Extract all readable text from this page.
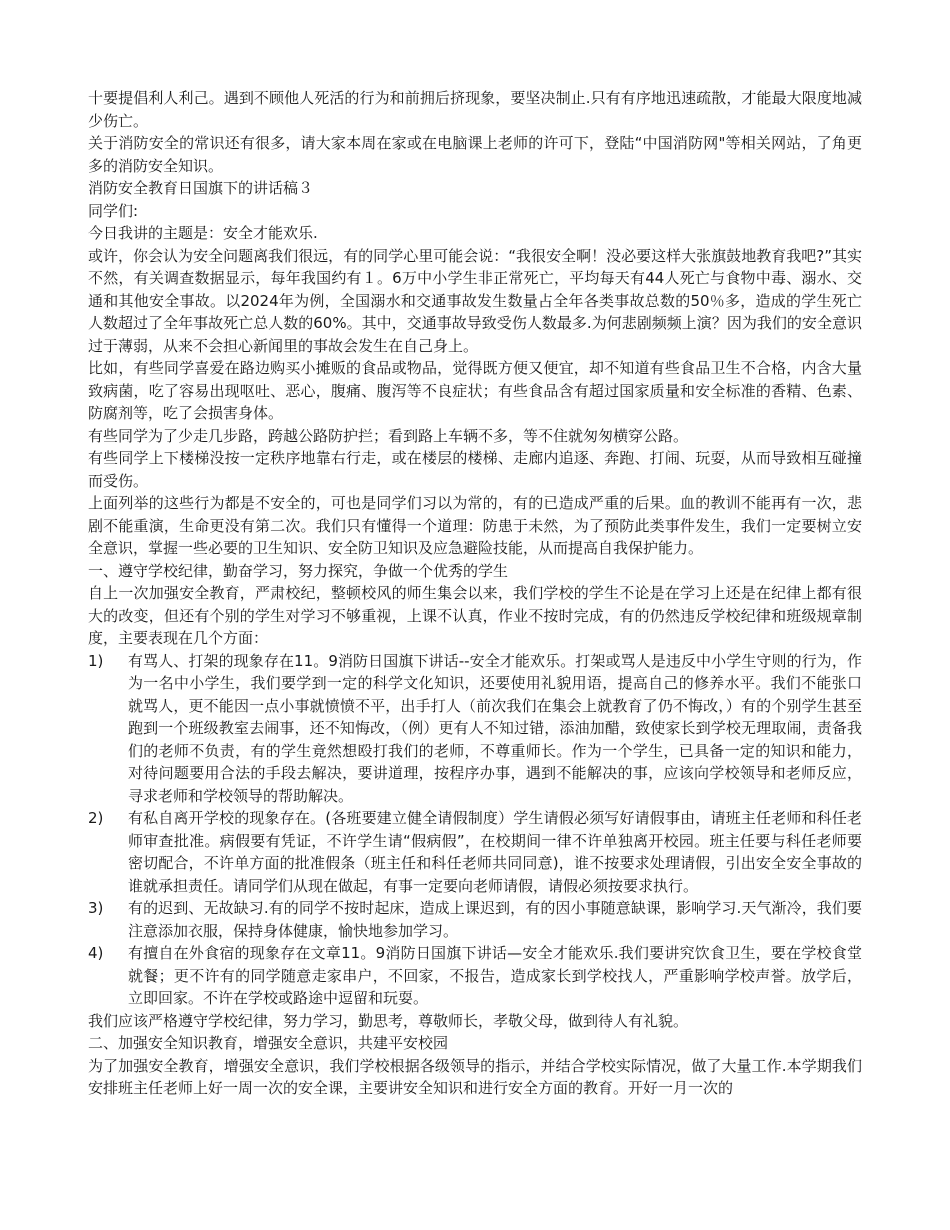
十要提倡利人利己。遇到不顾他人死活的行为和前拥后挤现象，要坚决制止.只有有序地迅速疏散，才能最大限度地减少伤亡。

关于消防安全的常识还有很多，请大家本周在家或在电脑课上老师的许可下，登陆“中国消防网"等相关网站，了角更多的消防安全知识。

消防安全教育日国旗下的讲话稿３

同学们:

今日我讲的主题是：安全才能欢乐.

或许，你会认为安全问题离我们很远，有的同学心里可能会说：“我很安全啊！没必要这样大张旗鼓地教育我吧?”其实不然，有关调查数据显示，每年我国约有１。6万中小学生非正常死亡，平均每天有44人死亡与食物中毒、溺水、交通和其他安全事故。以2024年为例，全国溺水和交通事故发生数量占全年各类事故总数的50％多，造成的学生死亡人数超过了全年事故死亡总人数的60%。其中，交通事故导致受伤人数最多.为何悲剧频频上演？因为我们的安全意识过于薄弱，从来不会担心新闻里的事故会发生在自己身上。

比如，有些同学喜爱在路边购买小摊贩的食品或物品，觉得既方便又便宜，却不知道有些食品卫生不合格，内含大量致病菌，吃了容易出现呕吐、恶心，腹痛、腹泻等不良症状；有些食品含有超过国家质量和安全标准的香精、色素、防腐剂等，吃了会损害身体。

有些同学为了少走几步路，跨越公路防护拦；看到路上车辆不多，等不住就匆匆横穿公路。

有些同学上下楼梯没按一定秩序地靠右行走，或在楼层的楼梯、走廊内追逐、奔跑、打闹、玩耍，从而导致相互碰撞而受伤。

上面列举的这些行为都是不安全的，可也是同学们习以为常的，有的已造成严重的后果。血的教训不能再有一次，悲剧不能重演，生命更没有第二次。我们只有懂得一个道理：防患于未然，为了预防此类事件发生，我们一定要树立安全意识，掌握一些必要的卫生知识、安全防卫知识及应急避险技能，从而提高自我保护能力。

一、遵守学校纪律，勤奋学习，努力探究，争做一个优秀的学生

自上一次加强安全教育，严肃校纪，整顿校风的师生集会以来，我们学校的学生不论是在学习上还是在纪律上都有很大的改变，但还有个别的学生对学习不够重视，上课不认真，作业不按时完成，有的仍然违反学校纪律和班级规章制度，主要表现在几个方面：

1)	有骂人、打架的现象存在11。9消防日国旗下讲话--安全才能欢乐。打架或骂人是违反中小学生守则的行为，作为一名中小学生，我们要学到一定的科学文化知识，还要使用礼貌用语，提高自己的修养水平。我们不能张口就骂人，更不能因一点小事就愤愤不平，出手打人（前次我们在集会上就教育了仍不悔改，）有的个别学生甚至跑到一个班级教室去闹事，还不知悔改，（例）更有人不知过错，添油加醋，致使家长到学校无理取闹，责备我们的老师不负责，有的学生竟然想殴打我们的老师，不尊重师长。作为一个学生，已具备一定的知识和能力，对待问题要用合法的手段去解决，要讲道理，按程序办事，遇到不能解决的事，应该向学校领导和老师反应，寻求老师和学校领导的帮助解决。
2)	有私自离开学校的现象存在。(各班要建立健全请假制度）学生请假必须写好请假事由，请班主任老师和科任老师审查批准。病假要有凭证，不许学生请“假病假”，在校期间一律不许单独离开校园。班主任要与科任老师要密切配合，不许单方面的批准假条（班主任和科任老师共同同意)，谁不按要求处理请假，引出安全安全事故的谁就承担责任。请同学们从现在做起，有事一定要向老师请假，请假必须按要求执行。
3)	有的迟到、无故缺习.有的同学不按时起床，造成上课迟到，有的因小事随意缺课，影响学习.天气渐冷，我们要注意添加衣服，保持身体健康，愉快地参加学习。
4)	有擅自在外食宿的现象存在文章11。9消防日国旗下讲话—安全才能欢乐.我们要讲究饮食卫生，要在学校食堂就餐；更不许有的同学随意走家串户，不回家，不报告，造成家长到学校找人，严重影响学校声誉。放学后，立即回家。不许在学校或路途中逗留和玩耍。

我们应该严格遵守学校纪律，努力学习，勤思考，尊敬师长，孝敬父母，做到待人有礼貌。

二、加强安全知识教育，增强安全意识，共建平安校园

为了加强安全教育，增强安全意识，我们学校根据各级领导的指示，并结合学校实际情况，做了大量工作.本学期我们安排班主任老师上好一周一次的安全课，主要讲安全知识和进行安全方面的教育。开好一月一次的
